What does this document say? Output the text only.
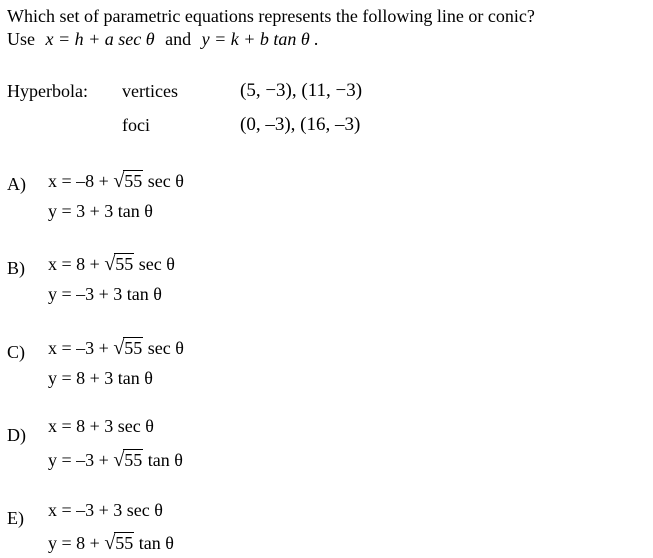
Which set of parametric equations represents the following line or conic?
Use x = h + a sec θ and y = k + b tan θ .
Hyperbola: vertices	(5, −3), (11, −3)
foci	(0, –3), (16, –3)
A) x = –8 + √55 sec θ
y = 3 + 3 tan θ
B) x = 8 + √55 sec θ
y = –3 + 3 tan θ
C) x = –3 + √55 sec θ
y = 8 + 3 tan θ
D) x = 8 + 3 sec θ
y = –3 + √55 tan θ
E) x = –3 + 3 sec θ
y = 8 + √55 tan θ
